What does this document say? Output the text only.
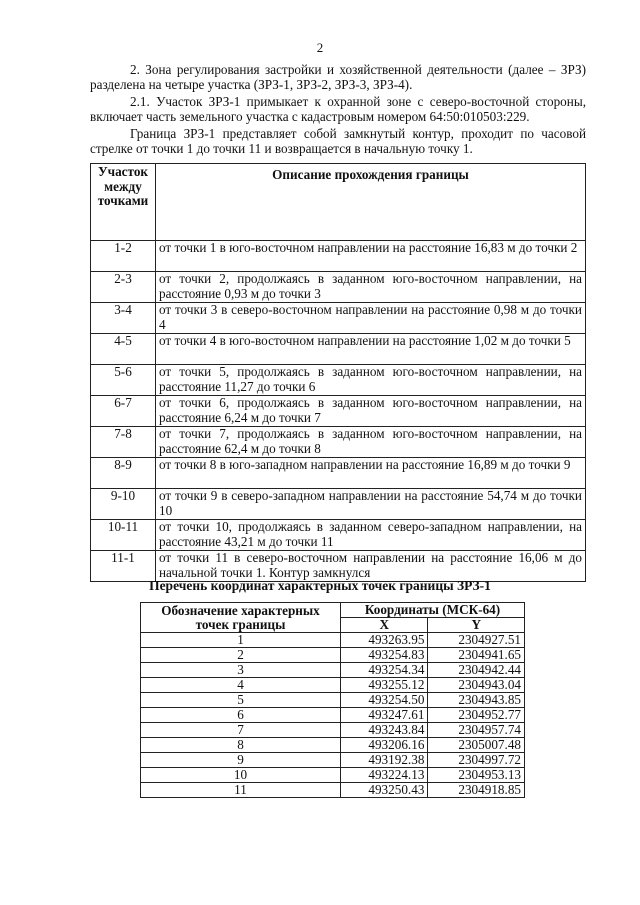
2

2. Зона регулирования застройки и хозяйственной деятельности (далее – ЗРЗ) разделена на четыре участка (ЗРЗ-1, ЗРЗ-2, ЗРЗ-3, ЗРЗ-4).

2.1. Участок ЗРЗ-1 примыкает к охранной зоне с северо-восточной стороны, включает часть земельного участка с кадастровым номером 64:50:010503:229.

Граница ЗРЗ-1 представляет собой замкнутый контур, проходит по часовой стрелке от точки 1 до точки 11 и возвращается в начальную точку 1.

Участок между точками	Описание прохождения границы
1-2	от точки 1 в юго-восточном направлении на расстояние 16,83 м до точки 2
2-3	от точки 2, продолжаясь в заданном юго-восточном направлении, на расстояние 0,93 м до точки 3
3-4	от точки 3 в северо-восточном направлении на расстояние 0,98 м до точки 4
4-5	от точки 4 в юго-восточном направлении на расстояние 1,02 м до точки 5
5-6	от точки 5, продолжаясь в заданном юго-восточном направлении, на расстояние 11,27 до точки 6
6-7	от точки 6, продолжаясь в заданном юго-восточном направлении, на расстояние 6,24 м до точки 7
7-8	от точки 7, продолжаясь в заданном юго-восточном направлении, на расстояние 62,4 м до точки 8
8-9	от точки 8 в юго-западном направлении на расстояние 16,89 м до точки 9
9-10	от точки 9 в северо-западном направлении на расстояние 54,74 м до точки 10
10-11	от точки 10, продолжаясь в заданном северо-западном направлении, на расстояние 43,21 м до точки 11
11-1	от точки 11 в северо-восточном направлении на расстояние 16,06 м до начальной точки 1. Контур замкнулся
Перечень координат характерных точек границы ЗРЗ-1
Обозначение характерных точек границы	Координаты (МСК-64)	
	X	Y
1	493263.95	2304927.51
2	493254.83	2304941.65
3	493254.34	2304942.44
4	493255.12	2304943.04
5	493254.50	2304943.85
6	493247.61	2304952.77
7	493243.84	2304957.74
8	493206.16	2305007.48
9	493192.38	2304997.72
10	493224.13	2304953.13
11	493250.43	2304918.85
